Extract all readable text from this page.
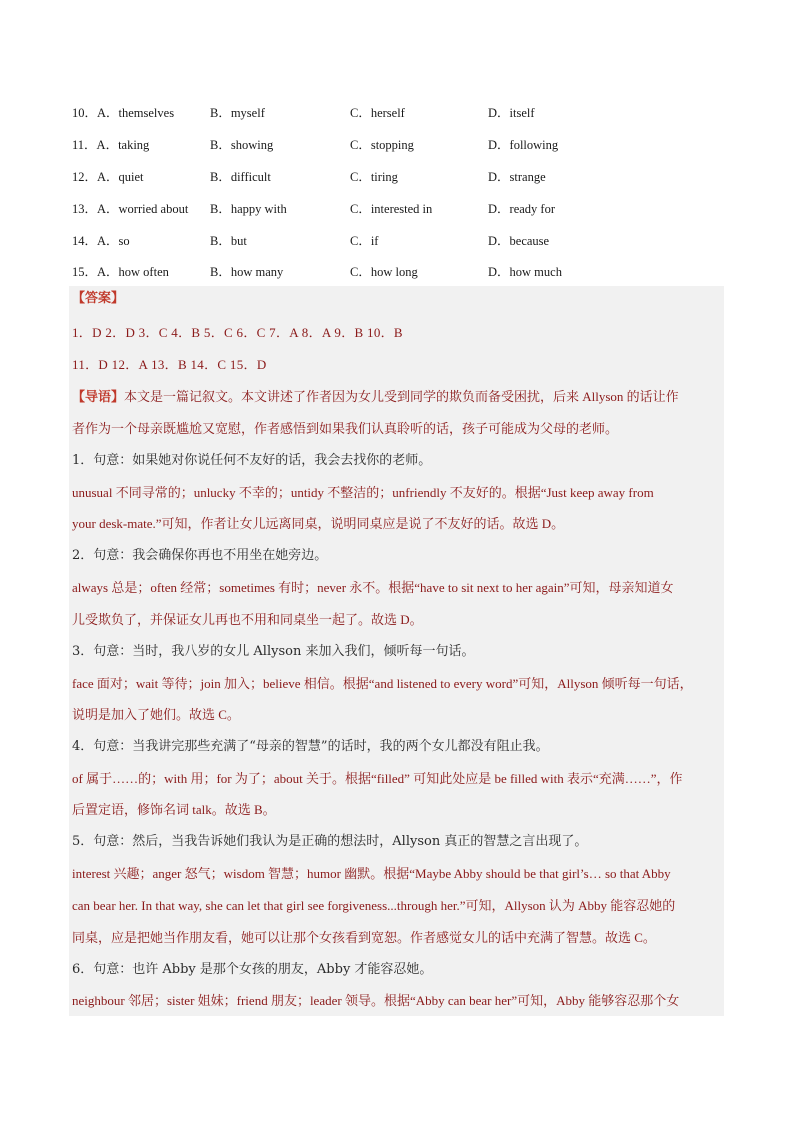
10．A．themselves	B．myself	C．herself	D．itself
11．A．taking	B．showing	C．stopping	D．following
12．A．quiet	B．difficult	C．tiring	D．strange
13．A．worried about B．happy with	C．interested in	D．ready for
14．A．so	B．but	C．if	D．because
15．A．how often	B．how many	C．how long	D．how much
【答案】
1．D 2．D 3．C 4．B 5．C 6．C 7．A 8．A 9．B 10．B
11．D 12．A 13．B 14．C 15．D
【导语】本文是一篇记叙文。本文讲述了作者因为女儿受到同学的欺负而备受困扰，后来 Allyson 的话让作
者作为一个母亲既尴尬又宽慰，作者感悟到如果我们认真聆听的话，孩子可能成为父母的老师。
1．句意：如果她对你说任何不友好的话，我会去找你的老师。
unusual 不同寻常的；unlucky 不幸的；untidy 不整洁的；unfriendly 不友好的。根据“Just keep away from
your desk-mate.”可知，作者让女儿远离同桌，说明同桌应是说了不友好的话。故选 D。
2．句意：我会确保你再也不用坐在她旁边。
always 总是；often 经常；sometimes 有时；never 永不。根据“have to sit next to her again”可知，母亲知道女
儿受欺负了，并保证女儿再也不用和同桌坐一起了。故选 D。
3．句意：当时，我八岁的女儿 Allyson 来加入我们，倾听每一句话。
face 面对；wait 等待；join 加入；believe 相信。根据“and listened to every word”可知，Allyson 倾听每一句话，
说明是加入了她们。故选 C。
4．句意：当我讲完那些充满了“母亲的智慧”的话时，我的两个女儿都没有阻止我。
of 属于……的；with 用；for 为了；about 关于。根据“filled” 可知此处应是 be filled with 表示“充满……”，作
后置定语，修饰名词 talk。故选 B。
5．句意：然后，当我告诉她们我认为是正确的想法时，Allyson 真正的智慧之言出现了。
interest 兴趣；anger 怒气；wisdom 智慧；humor 幽默。根据“Maybe Abby should be that girl’s… so that Abby
can bear her. In that way, she can let that girl see forgiveness...through her.”可知，Allyson 认为 Abby 能容忍她的
同桌，应是把她当作朋友看，她可以让那个女孩看到宽恕。作者感觉女儿的话中充满了智慧。故选 C。
6．句意：也许 Abby 是那个女孩的朋友，Abby 才能容忍她。
neighbour 邻居；sister 姐妹；friend 朋友；leader 领导。根据“Abby can bear her”可知，Abby 能够容忍那个女
